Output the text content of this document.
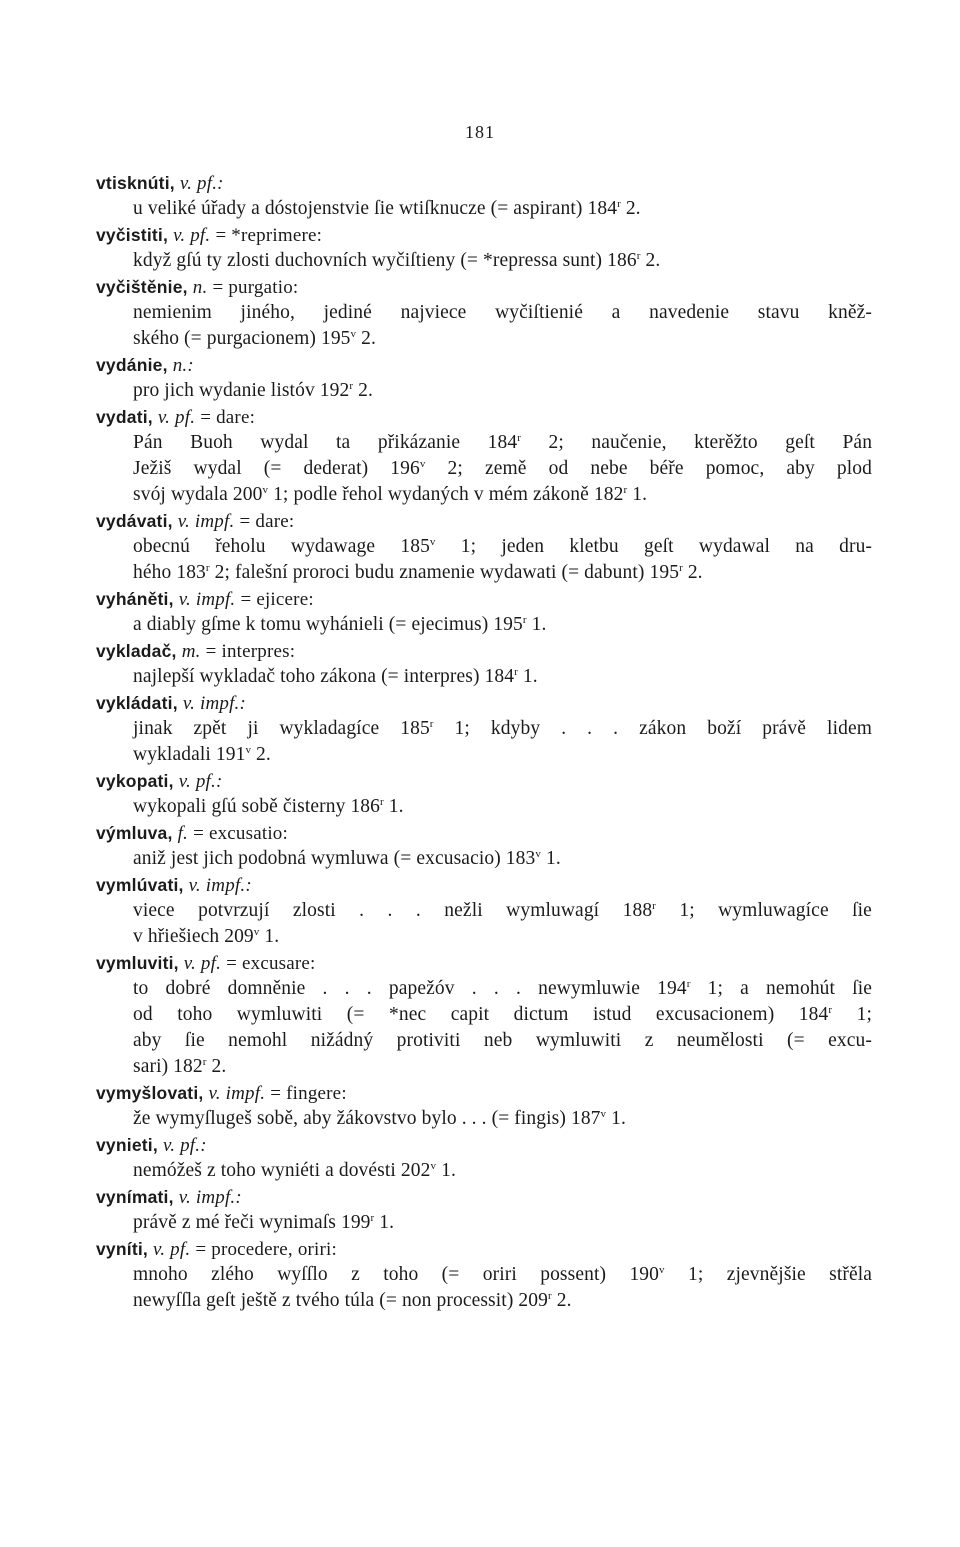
181
vtisknúti, v. pf.:
u veliké úřady a dóstojenstvie ſie wtiſknucze (= aspirant) 184$^r$ 2.
vyčistiti, v. pf. = *reprimere:
když gſú ty zlosti duchovních wyčiſtieny (= *repressa sunt) 186$^r$ 2.
vyčištěnie, n. = purgatio:
nemienim jiného, jediné najviece wyčiſtienié a navedenie stavu kněž-
ského (= purgacionem) 195$^v$ 2.
vydánie, n.:
pro jich wydanie listóv 192$^r$ 2.
vydati, v. pf. = dare:
Pán Buoh wydal ta přikázanie 184$^r$ 2; naučenie, kterěžto geſt Pán
Ježiš wydal (= dederat) 196$^v$ 2; země od nebe béře pomoc, aby plod
svój wydala 200$^v$ 1; podle řehol wydaných v mém zákoně 182$^r$ 1.
vydávati, v. impf. = dare:
obecnú řeholu wydawage 185$^v$ 1; jeden kletbu geſt wydawal na dru-
hého 183$^r$ 2; falešní proroci budu znamenie wydawati (= dabunt) 195$^r$ 2.
vyháněti, v. impf. = ejicere:
a diably gſme k tomu wyhánieli (= ejecimus) 195$^r$ 1.
vykladač, m. = interpres:
najlepší wykladač toho zákona (= interpres) 184$^r$ 1.
vykládati, v. impf.:
jinak zpět ji wykladagíce 185$^r$ 1; kdyby . . . zákon boží právě lidem
wykladali 191$^v$ 2.
vykopati, v. pf.:
wykopali gſú sobě čisterny 186$^r$ 1.
výmluva, f. = excusatio:
aniž jest jich podobná wymluwa (= excusacio) 183$^v$ 1.
vymlúvati, v. impf.:
viece potvrzují zlosti . . . nežli wymluwagí 188$^r$ 1; wymluwagíce ſie
v hřiešiech 209$^v$ 1.
vymluviti, v. pf. = excusare:
to dobré domněnie . . . papežóv . . . newymluwie 194$^r$ 1; a nemohút ſie
od toho wymluwiti (= *nec capit dictum istud excusacionem) 184$^r$ 1;
aby ſie nemohl nižádný protiviti neb wymluwiti z neumělosti (= excu-
sari) 182$^r$ 2.
vymyšlovati, v. impf. = fingere:
že wymyſlugeš sobě, aby žákovstvo bylo . . . (= fingis) 187$^v$ 1.
vynieti, v. pf.:
nemóžeš z toho wyniéti a dovésti 202$^v$ 1.
vynímati, v. impf.:
právě z mé řeči wynimaſs 199$^r$ 1.
vyníti, v. pf. = procedere, oriri:
mnoho zlého wyſſlo z toho (= oriri possent) 190$^v$ 1; zjevnějšie střěla
newyſſla geſt ještě z tvého túla (= non processit) 209$^r$ 2.
